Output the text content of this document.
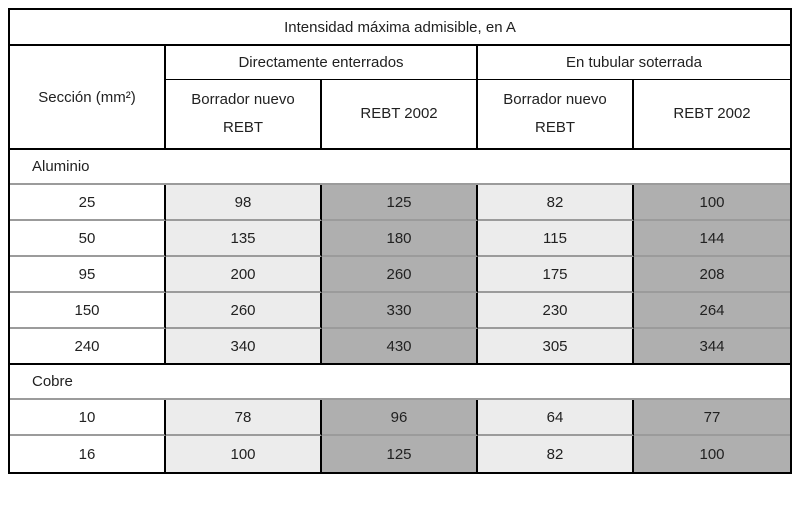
Intensidad máxima admisible, en A				
Sección (mm²)	Directamente enterrados		En tubular soterrada	
	Borrador nuevo REBT	REBT 2002	Borrador nuevo REBT	REBT 2002
Aluminio				
25	98	125	82	100
50	135	180	115	144
95	200	260	175	208
150	260	330	230	264
240	340	430	305	344
Cobre				
10	78	96	64	77
16	100	125	82	100
